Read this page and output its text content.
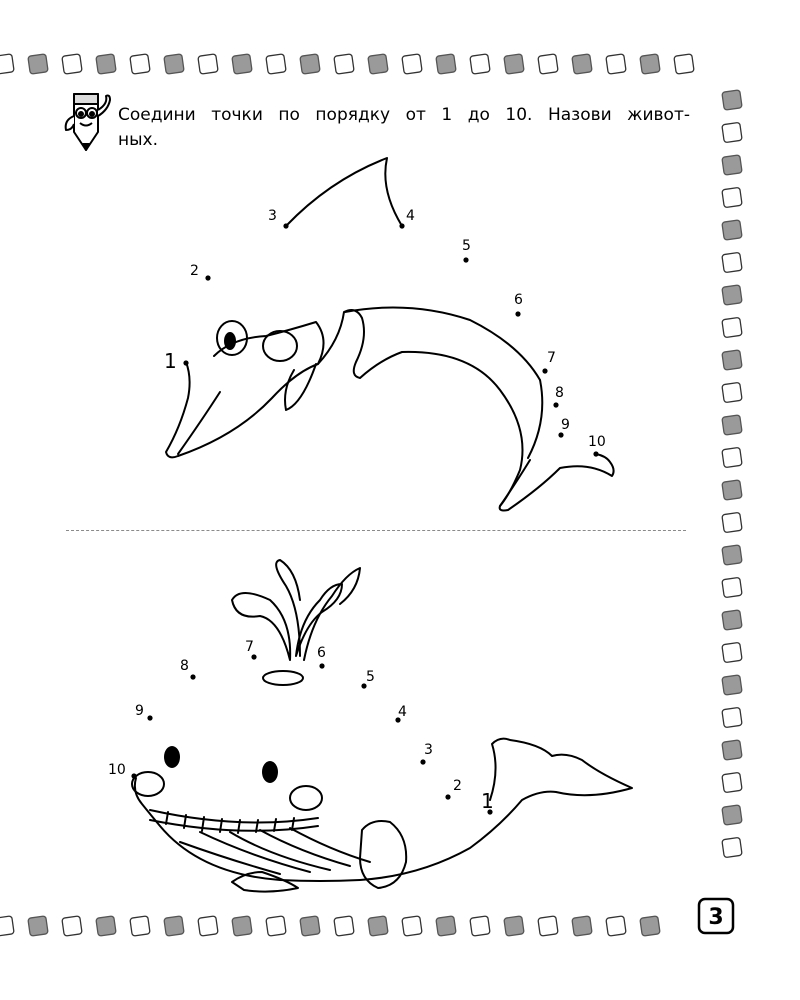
Соедини точки по порядку от 1 до 10. Назови живот-
ных.
1
2
3	4
5
6
7
8
9
10
1
2
3
4
5
6
7
8
9
10
3
